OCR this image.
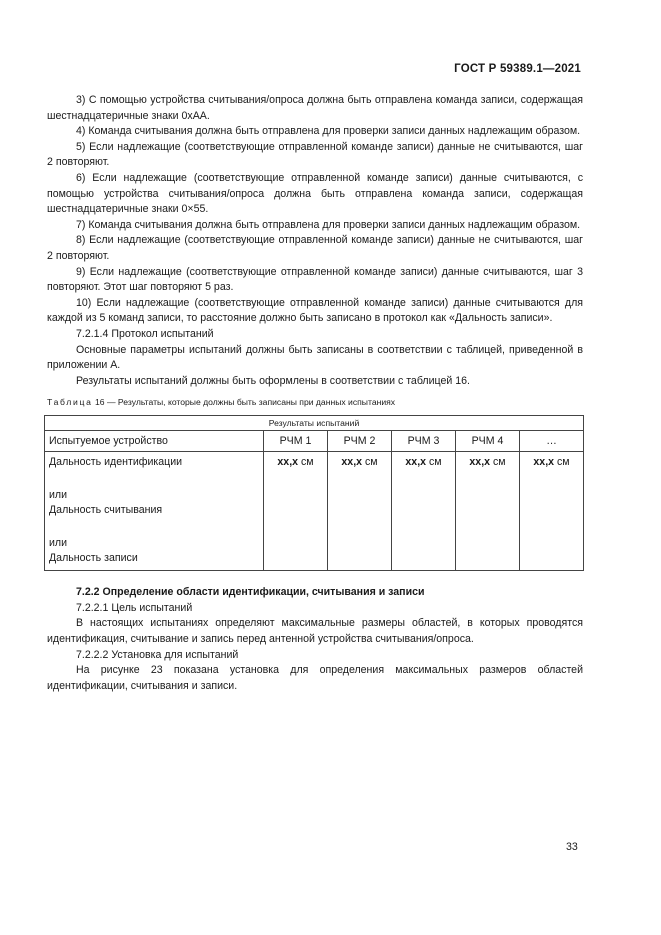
ГОСТ Р 59389.1—2021

3) С помощью устройства считывания/опроса должна быть отправлена команда записи, содержащая шестнадцатеричные знаки 0xAA.

4) Команда считывания должна быть отправлена для проверки записи данных надлежащим образом.

5) Если надлежащие (соответствующие отправленной команде записи) данные не считываются, шаг 2 повторяют.

6) Если надлежащие (соответствующие отправленной команде записи) данные считываются, с помощью устройства считывания/опроса должна быть отправлена команда записи, содержащая шестнадцатеричные знаки 0×55.

7) Команда считывания должна быть отправлена для проверки записи данных надлежащим образом.

8) Если надлежащие (соответствующие отправленной команде записи) данные не считываются, шаг 2 повторяют.

9) Если надлежащие (соответствующие отправленной команде записи) данные считываются, шаг 3 повторяют. Этот шаг повторяют 5 раз.

10) Если надлежащие (соответствующие отправленной команде записи) данные считываются для каждой из 5 команд записи, то расстояние должно быть записано в протокол как «Дальность записи».

7.2.1.4 Протокол испытаний

Основные параметры испытаний должны быть записаны в соответствии с таблицей, приведенной в приложении А.

Результаты испытаний должны быть оформлены в соответствии с таблицей 16.

Таблица 16 — Результаты, которые должны быть записаны при данных испытаниях

Результаты испытаний					
Испытуемое устройство	РЧМ 1	РЧМ 2	РЧМ 3	РЧМ 4	…

Дальность идентификации
или
Дальность считывания
или
Дальность записи	xx,x см	xx,x см	xx,x см	xx,x см	xx,x см

7.2.2 Определение области идентификации, считывания и записи

7.2.2.1 Цель испытаний

В настоящих испытаниях определяют максимальные размеры областей, в которых проводятся идентификация, считывание и запись перед антенной устройства считывания/опроса.

7.2.2.2 Установка для испытаний

На рисунке 23 показана установка для определения максимальных размеров областей идентификации, считывания и записи.

33
